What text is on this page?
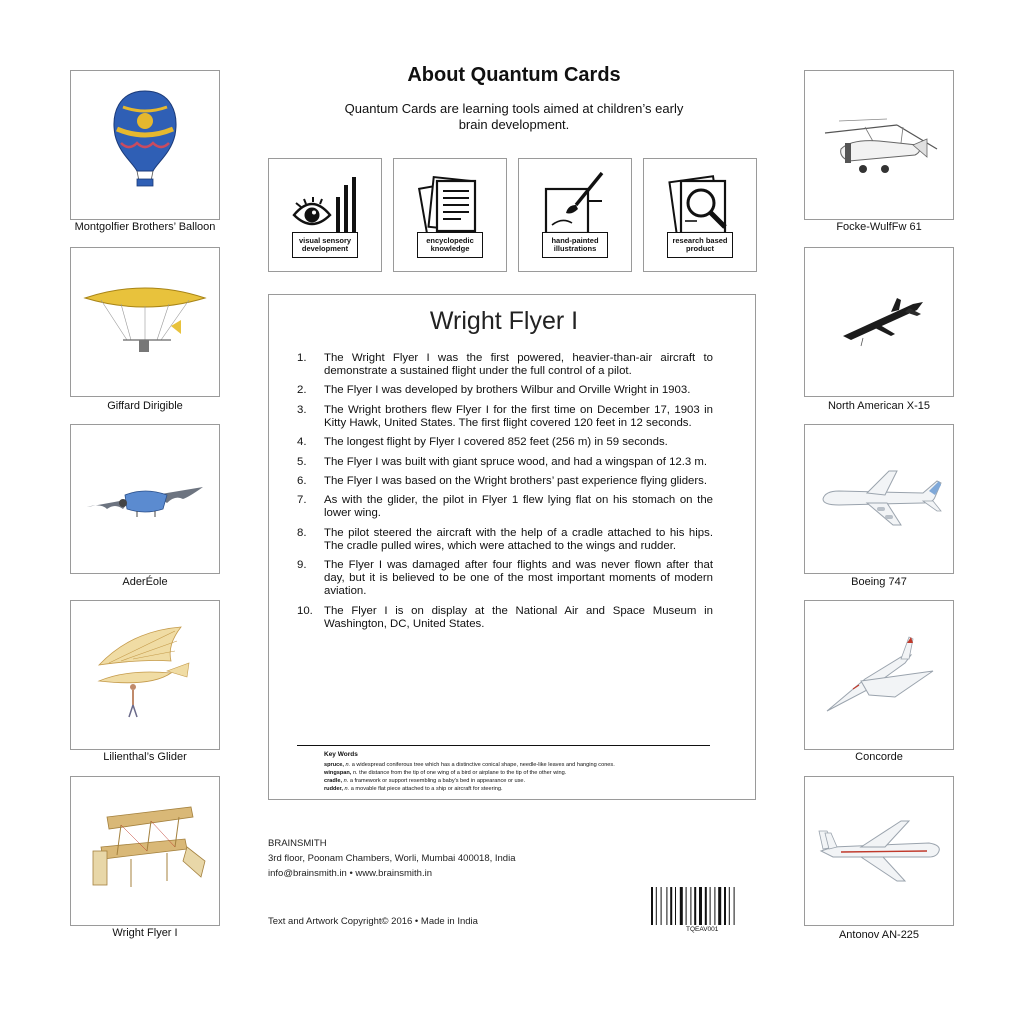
Montgolfier Brothers’ Balloon
Giffard Dirigible
AderÉole
Lilienthal’s Glider
Wright Flyer I
Focke-WulfFw 61
North American X-15
Boeing 747
Concorde
Antonov AN-225
About Quantum Cards
Quantum Cards are learning tools aimed at children’s early brain development.
visual sensory development
encyclopedic knowledge
hand-painted illustrations
research based product
Wright Flyer I
1. The Wright Flyer I was the first powered, heavier-than-air aircraft to demonstrate a sustained flight under the full control of a pilot.
2. The Flyer I was developed by brothers Wilbur and Orville Wright in 1903.
3. The Wright brothers flew Flyer I for the first time on December 17, 1903 in Kitty Hawk, United States. The first flight covered 120 feet in 12 seconds.
4. The longest flight by Flyer I covered 852 feet (256 m) in 59 seconds.
5. The Flyer I was built with giant spruce wood, and had a wingspan of 12.3 m.
6. The Flyer I was based on the Wright brothers’ past experience flying gliders.
7. As with the glider, the pilot in Flyer 1 flew lying flat on his stomach on the lower wing.
8. The pilot steered the aircraft with the help of a cradle attached to his hips. The cradle pulled wires, which were attached to the wings and rudder.
9. The Flyer I was damaged after four flights and was never flown after that day, but it is believed to be one of the most important moments of modern aviation.
10. The Flyer I is on display at the National Air and Space Museum in Washington, DC, United States.
Key Words
spruce, n. a widespread coniferous tree which has a distinctive conical shape, needle-like leaves and hanging cones.
wingspan, n. the distance from the tip of one wing of a bird or airplane to the tip of the other wing.
cradle, n. a framework or support resembling a baby's bed in appearance or use.
rudder, n. a movable flat piece attached to a ship or aircraft for steering.
BRAINSMITH
3rd floor, Poonam Chambers, Worli, Mumbai 400018, India
info@brainsmith.in • www.brainsmith.in
Text and Artwork Copyright© 2016 • Made in India
TQEAV001
